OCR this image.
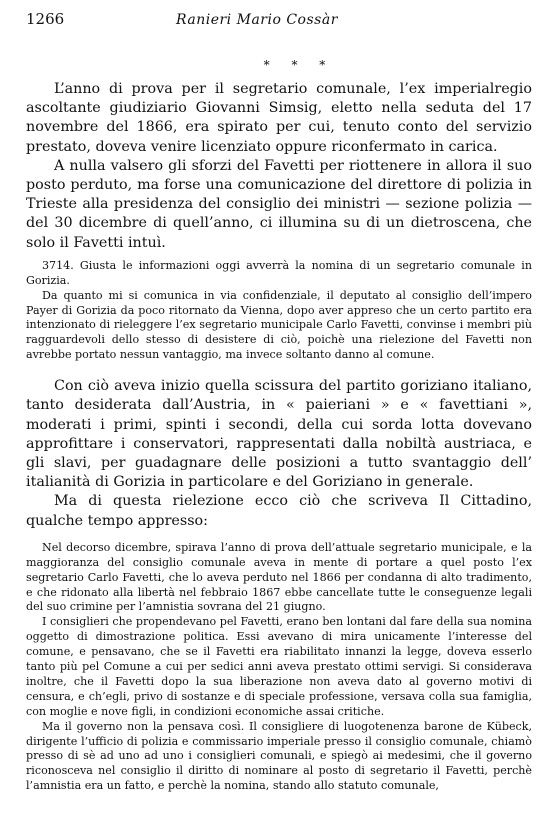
1266	Ranieri Mario Cossàr
* * *

L’anno di prova per il segretario comunale, l’ex imperialregio ascoltante giudiziario Giovanni Simsig, eletto nella seduta del 17 novembre del 1866, era spirato per cui, tenuto conto del servizio prestato, doveva venire licenziato oppure riconfermato in carica.

A nulla valsero gli sforzi del Favetti per riottenere in allora il suo posto perduto, ma forse una comunicazione del direttore di polizia in Trieste alla presidenza del consiglio dei ministri — sezione polizia — del 30 dicembre di quell’anno, ci illumina su di un dietroscena, che solo il Favetti intuì.

3714. Giusta le informazioni oggi avverrà la nomina di un segretario comunale in Gorizia.

Da quanto mi si comunica in via confidenziale, il deputato al consiglio dell’impero Payer di Gorizia da poco ritornato da Vienna, dopo aver appreso che un certo partito era intenzionato di rieleggere l’ex segretario municipale Carlo Favetti, convinse i membri più ragguardevoli dello stesso di desistere di ciò, poichè una rielezione del Favetti non avrebbe portato nessun vantaggio, ma invece soltanto danno al comune.

Con ciò aveva inizio quella scissura del partito goriziano italiano, tanto desiderata dall’Austria, in « paieriani » e « favettiani », moderati i primi, spinti i secondi, della cui sorda lotta dovevano approfittare i conservatori, rappresentati dalla nobiltà austriaca, e gli slavi, per guadagnare delle posizioni a tutto svantaggio dell’ italianità di Gorizia in particolare e del Goriziano in generale.

Ma di questa rielezione ecco ciò che scriveva Il Cittadino, qualche tempo appresso:

Nel decorso dicembre, spirava l’anno di prova dell’attuale segretario municipale, e la maggioranza del consiglio comunale aveva in mente di portare a quel posto l’ex segretario Carlo Favetti, che lo aveva perduto nel 1866 per condanna di alto tradimento, e che ridonato alla libertà nel febbraio 1867 ebbe cancellate tutte le conseguenze legali del suo crimine per l’amnistia sovrana del 21 giugno.

I consiglieri che propendevano pel Favetti, erano ben lontani dal fare della sua nomina oggetto di dimostrazione politica. Essi avevano di mira unicamente l’interesse del comune, e pensavano, che se il Favetti era riabilitato innanzi la legge, doveva esserlo tanto più pel Comune a cui per sedici anni aveva prestato ottimi servigi. Si considerava inoltre, che il Favetti dopo la sua liberazione non aveva dato al governo motivi di censura, e ch’egli, privo di sostanze e di speciale professione, versava colla sua famiglia, con moglie e nove figli, in condizioni economiche assai critiche.

Ma il governo non la pensava così. Il consigliere di luogotenenza barone de Kübeck, dirigente l’ufficio di polizia e commissario imperiale presso il consiglio comunale, chiamò presso di sè ad uno ad uno i consiglieri comunali, e spiegò ai medesimi, che il governo riconosceva nel consiglio il diritto di nominare al posto di segretario il Favetti, perchè l’amnistia era un fatto, e perchè la nomina, stando allo statuto comunale,
